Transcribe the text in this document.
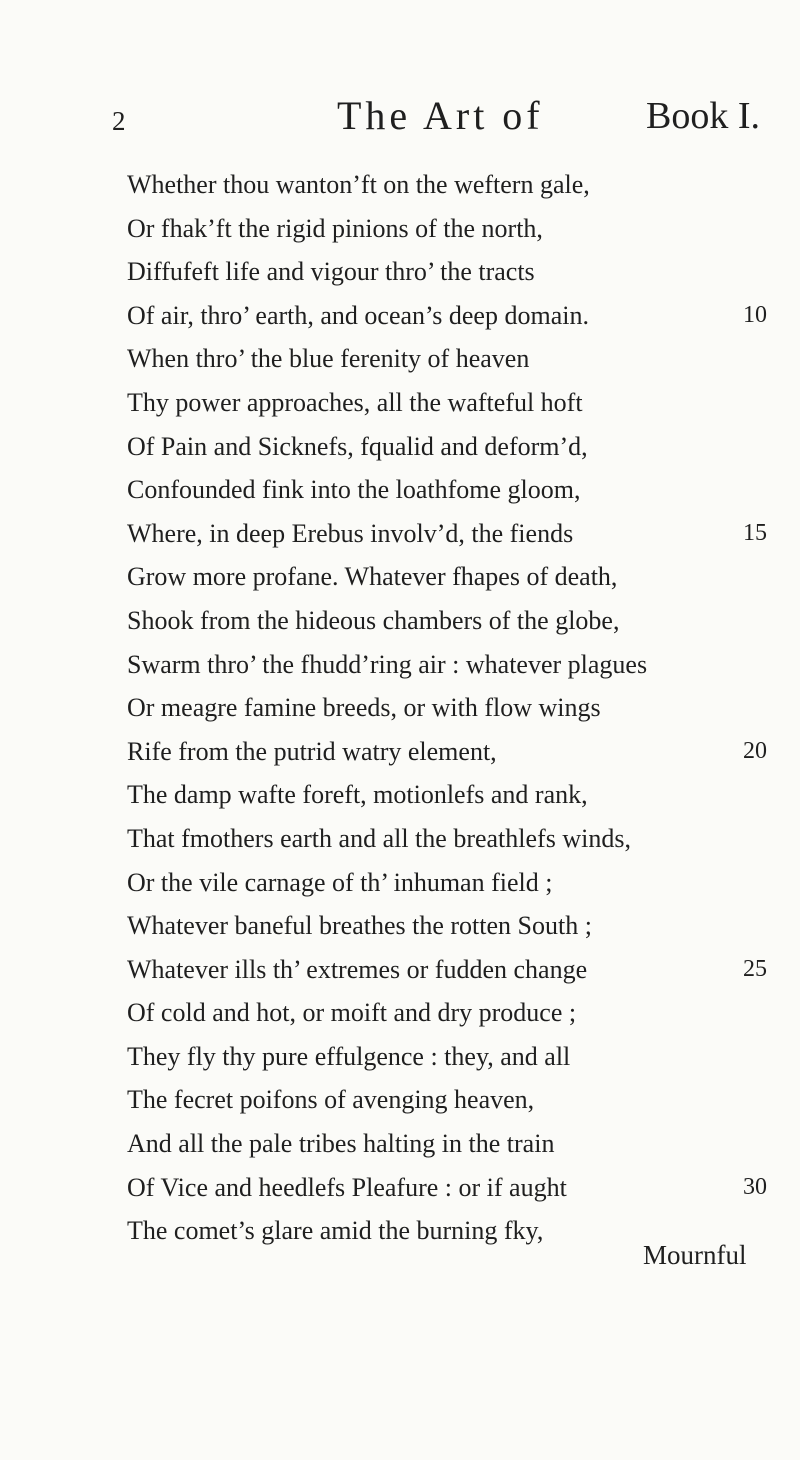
2	The Art of	Book I.
Whether thou wanton’ft on the weftern gale,
Or fhak’ft the rigid pinions of the north,
Diffufeft life and vigour thro’ the tracts
Of air, thro’ earth, and ocean’s deep domain.	10
When thro’ the blue ferenity of heaven
Thy power approaches, all the wafteful hoft
Of Pain and Sicknefs, fqualid and deform’d,
Confounded fink into the loathfome gloom,
Where, in deep Erebus involv’d, the fiends	15
Grow more profane. Whatever fhapes of death,
Shook from the hideous chambers of the globe,
Swarm thro’ the fhudd’ring air : whatever plagues
Or meagre famine breeds, or with flow wings
Rife from the putrid watry element,	20
The damp wafte foreft, motionlefs and rank,
That fmothers earth and all the breathlefs winds,
Or the vile carnage of th’ inhuman field ;
Whatever baneful breathes the rotten South ;
Whatever ills th’ extremes or fudden change	25
Of cold and hot, or moift and dry produce ;
They fly thy pure effulgence : they, and all
The fecret poifons of avenging heaven,
And all the pale tribes halting in the train
Of Vice and heedlefs Pleafure : or if aught	30
The comet’s glare amid the burning fky,
Mournful
